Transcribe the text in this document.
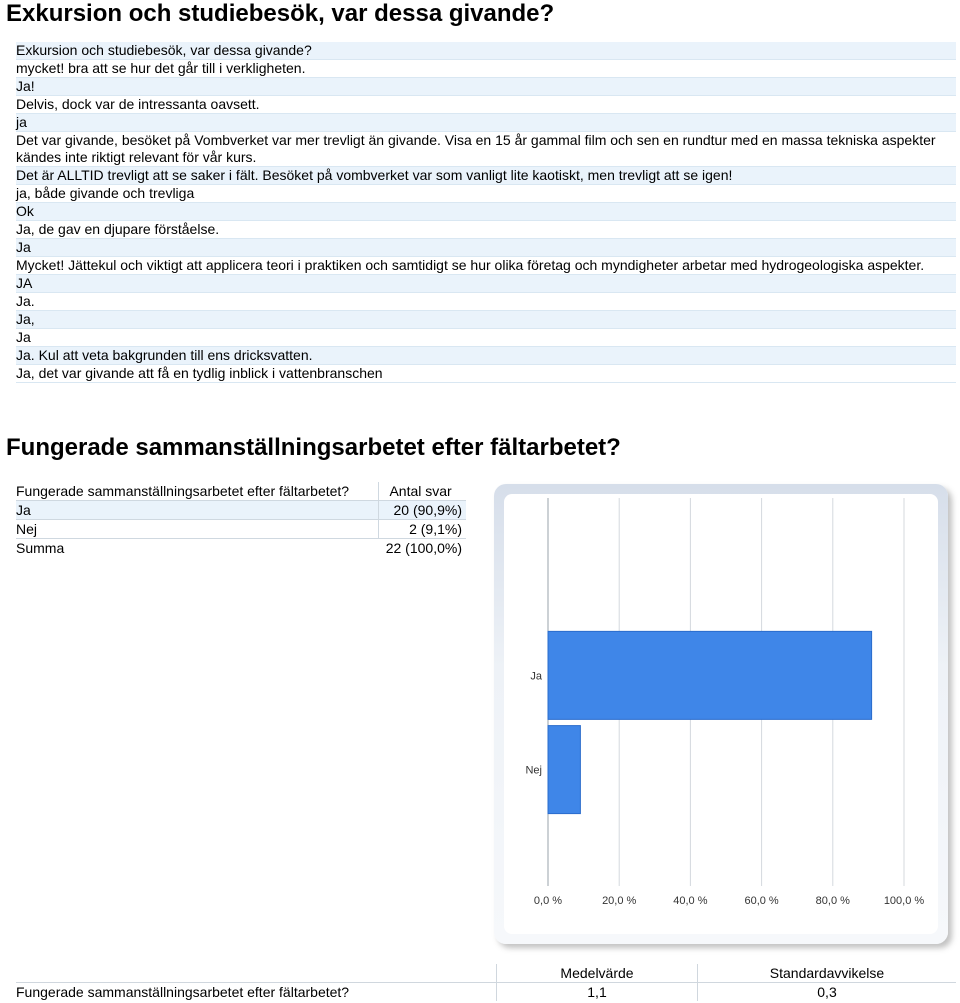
Exkursion och studiebesök, var dessa givande?
Exkursion och studiebesök, var dessa givande?
mycket! bra att se hur det går till i verkligheten.
Ja!
Delvis, dock var de intressanta oavsett.
ja
Det var givande, besöket på Vombverket var mer trevligt än givande. Visa en 15 år gammal film och sen en rundtur med en massa tekniska aspekter kändes inte riktigt relevant för vår kurs.
Det är ALLTID trevligt att se saker i fält. Besöket på vombverket var som vanligt lite kaotiskt, men trevligt att se igen!
ja, både givande och trevliga
Ok
Ja, de gav en djupare förståelse.
Ja
Mycket! Jättekul och viktigt att applicera teori i praktiken och samtidigt se hur olika företag och myndigheter arbetar med hydrogeologiska aspekter.
JA
Ja.
Ja,
Ja
Ja. Kul att veta bakgrunden till ens dricksvatten.
Ja, det var givande att få en tydlig inblick i vattenbranschen
Fungerade sammanställningsarbetet efter fältarbetet?
Fungerade sammanställningsarbetet efter fältarbetet?	Antal svar
Ja	20 (90,9%)
Nej	2 (9,1%)
Summa	22 (100,0%)
0,0 %	20,0 %	40,0 %	60,0 %	80,0 %	100,0 %
Ja
Nej
	Medelvärde	Standardavvikelse
Fungerade sammanställningsarbetet efter fältarbetet?	1,1	0,3
